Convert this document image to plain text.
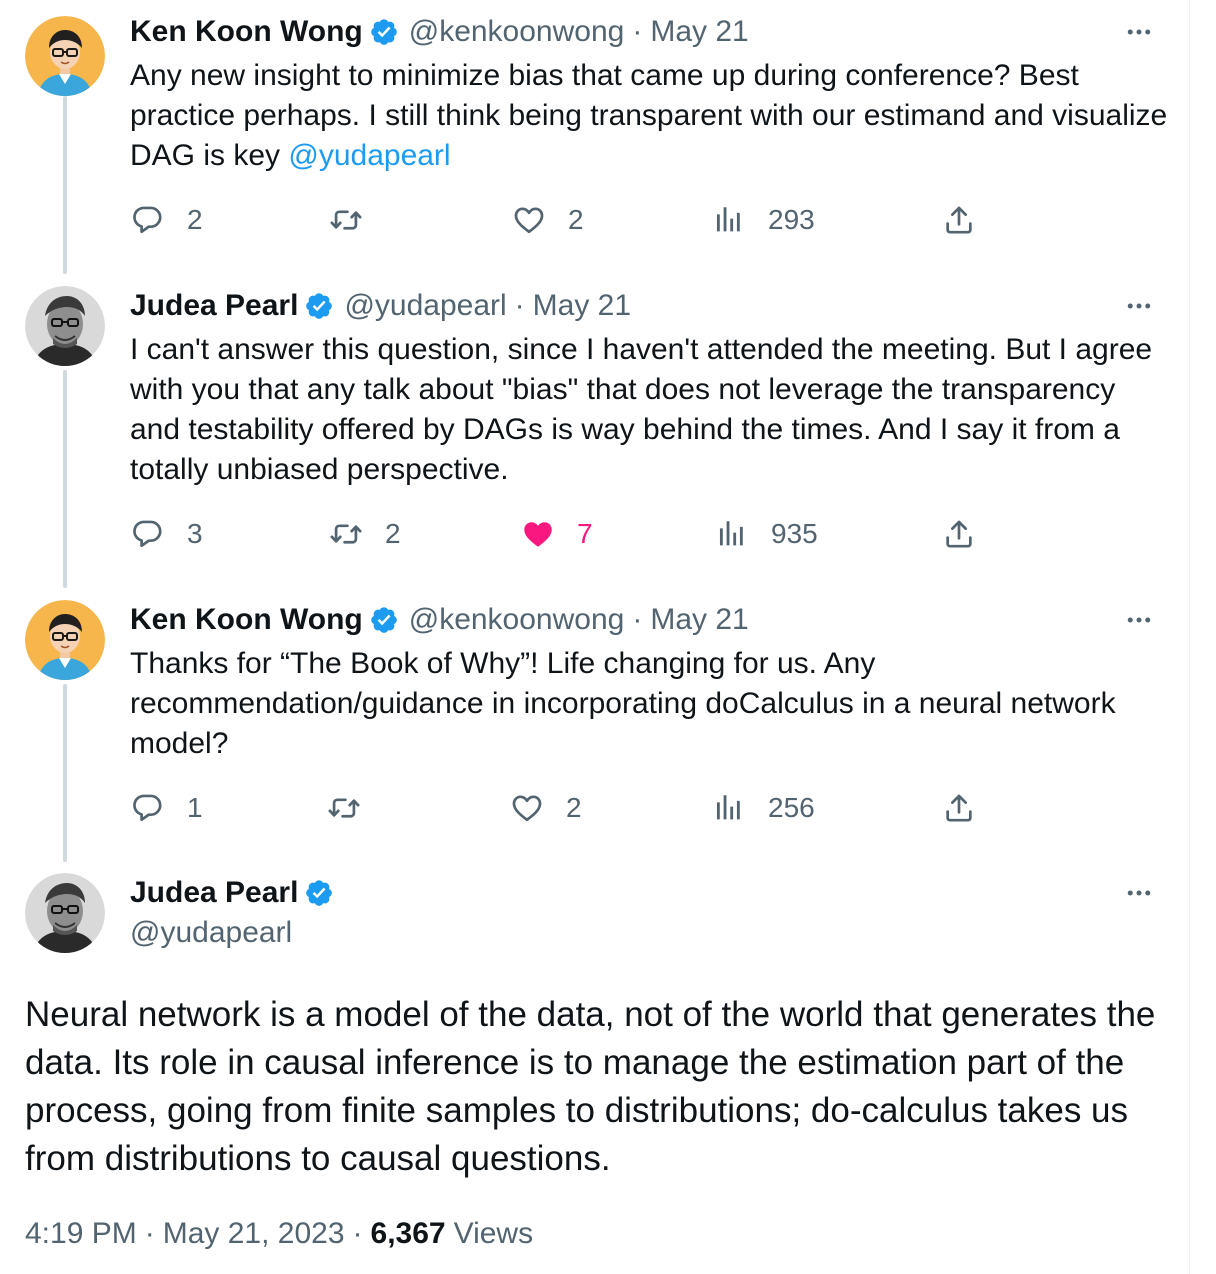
Ken Koon Wong @kenkoonwong · May 21
Any new insight to minimize bias that came up during conference? Best practice perhaps. I still think being transparent with our estimand and visualize DAG is key @yudapearl
2	2	293
Judea Pearl @yudapearl · May 21
I can't answer this question, since I haven't attended the meeting. But I agree with you that any talk about "bias" that does not leverage the transparency and testability offered by DAGs is way behind the times. And I say it from a totally unbiased perspective.
3	2	7	935
Ken Koon Wong @kenkoonwong · May 21
Thanks for “The Book of Why”! Life changing for us. Any recommendation/guidance in incorporating doCalculus in a neural network model?
1	2	256
Judea Pearl
@yudapearl
Neural network is a model of the data, not of the world that generates the data. Its role in causal inference is to manage the estimation part of the process, going from finite samples to distributions; do-calculus takes us from distributions to causal questions.
4:19 PM · May 21, 2023 · 6,367 Views
